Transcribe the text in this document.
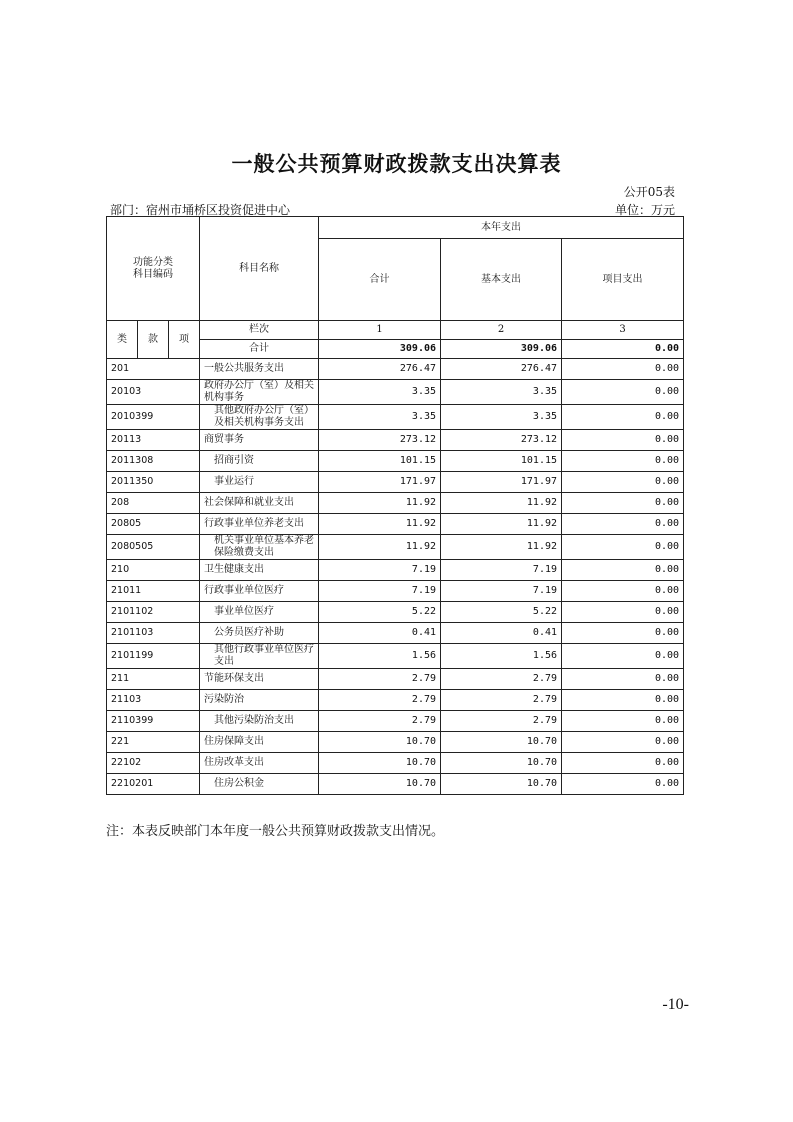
一般公共预算财政拨款支出决算表
公开05表
部门：宿州市埇桥区投资促进中心	单位：万元
功能分类
科目编码			科目名称	本年支出		
				合计	基本支出	项目支出
类	款	项	栏次	1	2	3
			合计	309.06	309.06	0.00
201			一般公共服务支出	276.47	276.47	0.00
20103			政府办公厅（室）及相关机构事务	3.35	3.35	0.00
2010399			其他政府办公厅（室）及相关机构事务支出	3.35	3.35	0.00
20113			商贸事务	273.12	273.12	0.00
2011308			招商引资	101.15	101.15	0.00
2011350			事业运行	171.97	171.97	0.00
208			社会保障和就业支出	11.92	11.92	0.00
20805			行政事业单位养老支出	11.92	11.92	0.00
2080505			机关事业单位基本养老保险缴费支出	11.92	11.92	0.00
210			卫生健康支出	7.19	7.19	0.00
21011			行政事业单位医疗	7.19	7.19	0.00
2101102			事业单位医疗	5.22	5.22	0.00
2101103			公务员医疗补助	0.41	0.41	0.00
2101199			其他行政事业单位医疗支出	1.56	1.56	0.00
211			节能环保支出	2.79	2.79	0.00
21103			污染防治	2.79	2.79	0.00
2110399			其他污染防治支出	2.79	2.79	0.00
221			住房保障支出	10.70	10.70	0.00
22102			住房改革支出	10.70	10.70	0.00
2210201			住房公积金	10.70	10.70	0.00
注：本表反映部门本年度一般公共预算财政拨款支出情况。
-10-
